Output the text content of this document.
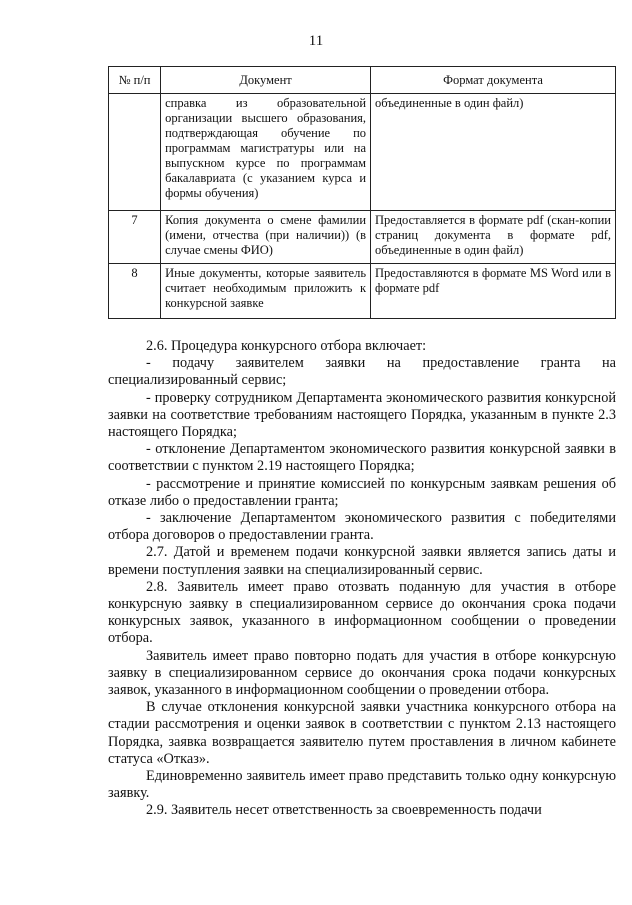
11
№ п/п	Документ	Формат документа
	справка из образовательной организации высшего образования, подтверждающая обучение по программам магистратуры или на выпускном курсе по программам бакалавриата (с указанием курса и формы обучения)	объединенные в один файл)
7	Копия документа о смене фамилии (имени, отчества (при наличии)) (в случае смены ФИО)	Предоставляется в формате pdf (скан-копии страниц документа в формате pdf, объединенные в один файл)
8	Иные документы, которые заявитель считает необходимым приложить к конкурсной заявке	Предоставляются в формате MS Word или в формате pdf

2.6. Процедура конкурсного отбора включает:

- подачу заявителем заявки на предоставление гранта на специализированный сервис;

- проверку сотрудником Департамента экономического развития конкурсной заявки на соответствие требованиям настоящего Порядка, указанным в пункте 2.3 настоящего Порядка;

- отклонение Департаментом экономического развития конкурсной заявки в соответствии с пунктом 2.19 настоящего Порядка;

- рассмотрение и принятие комиссией по конкурсным заявкам решения об отказе либо о предоставлении гранта;

- заключение Департаментом экономического развития с победителями отбора договоров о предоставлении гранта.

2.7. Датой и временем подачи конкурсной заявки является запись даты и времени поступления заявки на специализированный сервис.

2.8. Заявитель имеет право отозвать поданную для участия в отборе конкурсную заявку в специализированном сервисе до окончания срока подачи конкурсных заявок, указанного в информационном сообщении о проведении отбора.

Заявитель имеет право повторно подать для участия в отборе конкурсную заявку в специализированном сервисе до окончания срока подачи конкурсных заявок, указанного в информационном сообщении о проведении отбора.

В случае отклонения конкурсной заявки участника конкурсного отбора на стадии рассмотрения и оценки заявок в соответствии с пунктом 2.13 настоящего Порядка, заявка возвращается заявителю путем проставления в личном кабинете статуса «Отказ».

Единовременно заявитель имеет право представить только одну конкурсную заявку.

2.9. Заявитель несет ответственность за своевременность подачи
